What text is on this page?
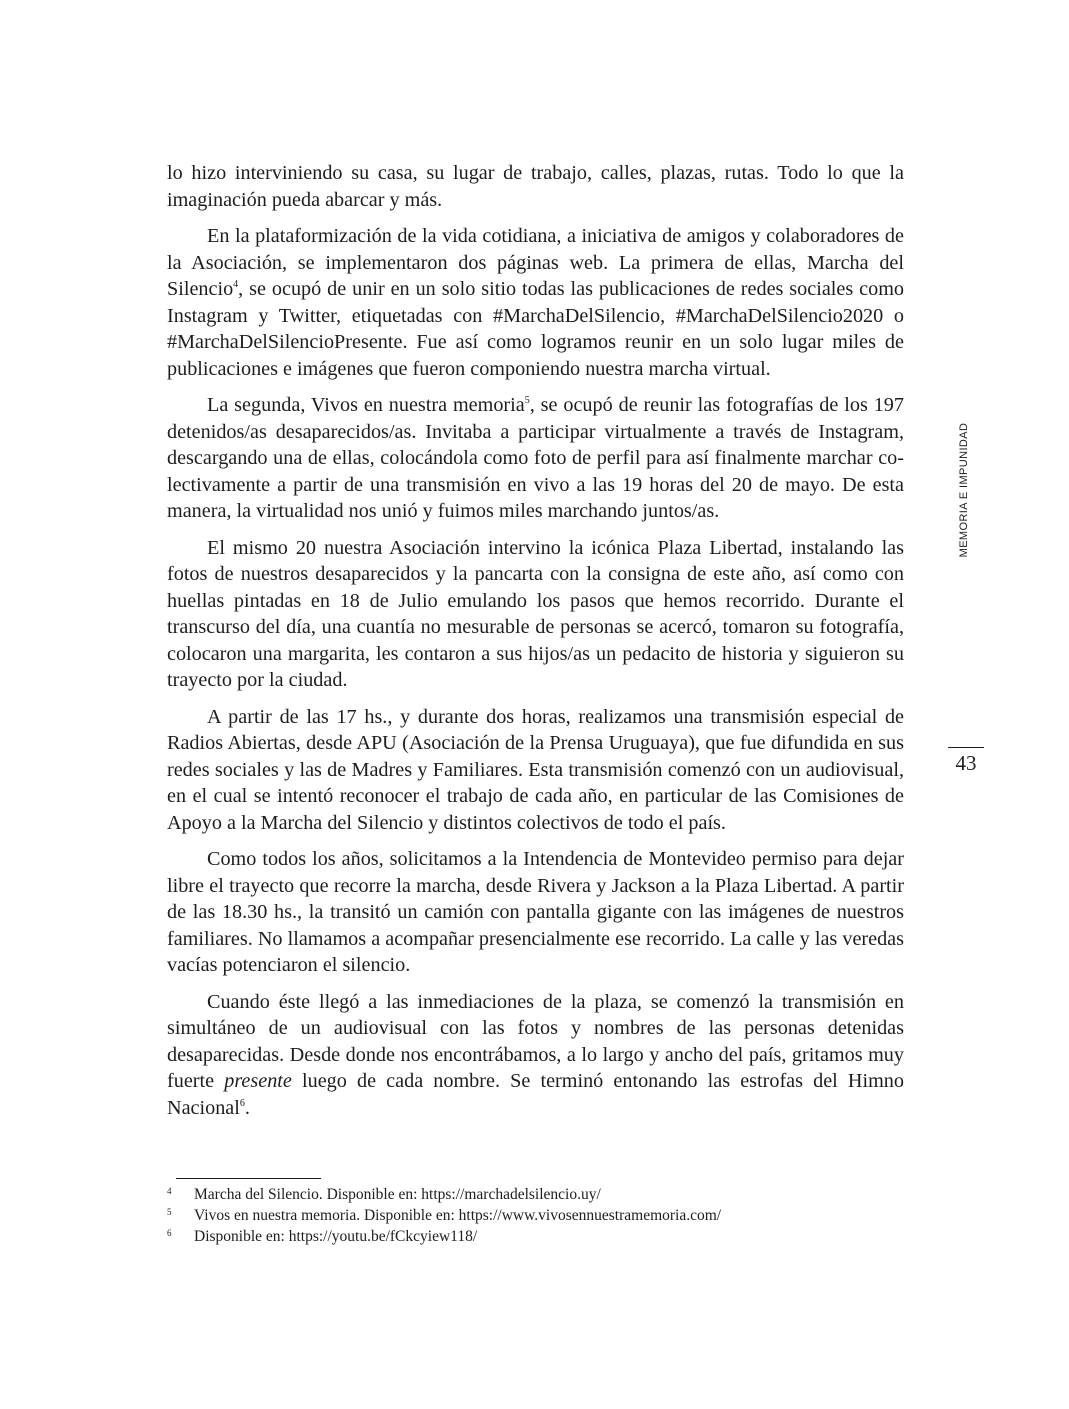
lo hizo interviniendo su casa, su lugar de trabajo, calles, plazas, rutas. Todo lo que la imaginación pueda abarcar y más.

En la plataformización de la vida cotidiana, a iniciativa de amigos y colaboradores de la Asociación, se implementaron dos páginas web. La primera de ellas, Marcha del Silencio$^4$, se ocupó de unir en un solo sitio todas las publicaciones de redes sociales como Instagram y Twitter, etiquetadas con #MarchaDelSilencio, #MarchaDelSilencio2020 o #MarchaDelSilencioPresente. Fue así como logramos reunir en un solo lugar miles de publicaciones e imágenes que fueron componiendo nuestra marcha virtual.

La segunda, Vivos en nuestra memoria$^5$, se ocupó de reunir las fotografías de los 197 detenidos/as desaparecidos/as. Invitaba a participar virtualmente a través de Instagram, descargando una de ellas, colocándola como foto de perfil para así finalmente marchar colectivamente a partir de una transmisión en vivo a las 19 horas del 20 de mayo. De esta manera, la virtualidad nos unió y fuimos miles marchando juntos/as.

El mismo 20 nuestra Asociación intervino la icónica Plaza Libertad, instalando las fotos de nuestros desaparecidos y la pancarta con la consigna de este año, así como con huellas pintadas en 18 de Julio emulando los pasos que hemos recorrido. Durante el transcurso del día, una cuantía no mesurable de personas se acercó, tomaron su fotografía, colocaron una margarita, les contaron a sus hijos/as un pedacito de historia y siguieron su trayecto por la ciudad.

A partir de las 17 hs., y durante dos horas, realizamos una transmisión especial de Radios Abiertas, desde APU (Asociación de la Prensa Uruguaya), que fue difundida en sus redes sociales y las de Madres y Familiares. Esta transmisión comenzó con un audiovisual, en el cual se intentó reconocer el trabajo de cada año, en particular de las Comisiones de Apoyo a la Marcha del Silencio y distintos colectivos de todo el país.

Como todos los años, solicitamos a la Intendencia de Montevideo permiso para dejar libre el trayecto que recorre la marcha, desde Rivera y Jackson a la Plaza Libertad. A partir de las 18.30 hs., la transitó un camión con pantalla gigante con las imágenes de nuestros familiares. No llamamos a acompañar presencialmente ese recorrido. La calle y las veredas vacías potenciaron el silencio.

Cuando éste llegó a las inmediaciones de la plaza, se comenzó la transmisión en simultáneo de un audiovisual con las fotos y nombres de las personas detenidas desaparecidas. Desde donde nos encontrábamos, a lo largo y ancho del país, gritamos muy fuerte presente luego de cada nombre. Se terminó entonando las estrofas del Himno Nacional$^6$.

MEMORIA E IMPUNIDAD
43
4 Marcha del Silencio. Disponible en: https://marchadelsilencio.uy/
5 Vivos en nuestra memoria. Disponible en: https://www.vivosennuestramemoria.com/
6 Disponible en: https://youtu.be/fCkcyiew118/
